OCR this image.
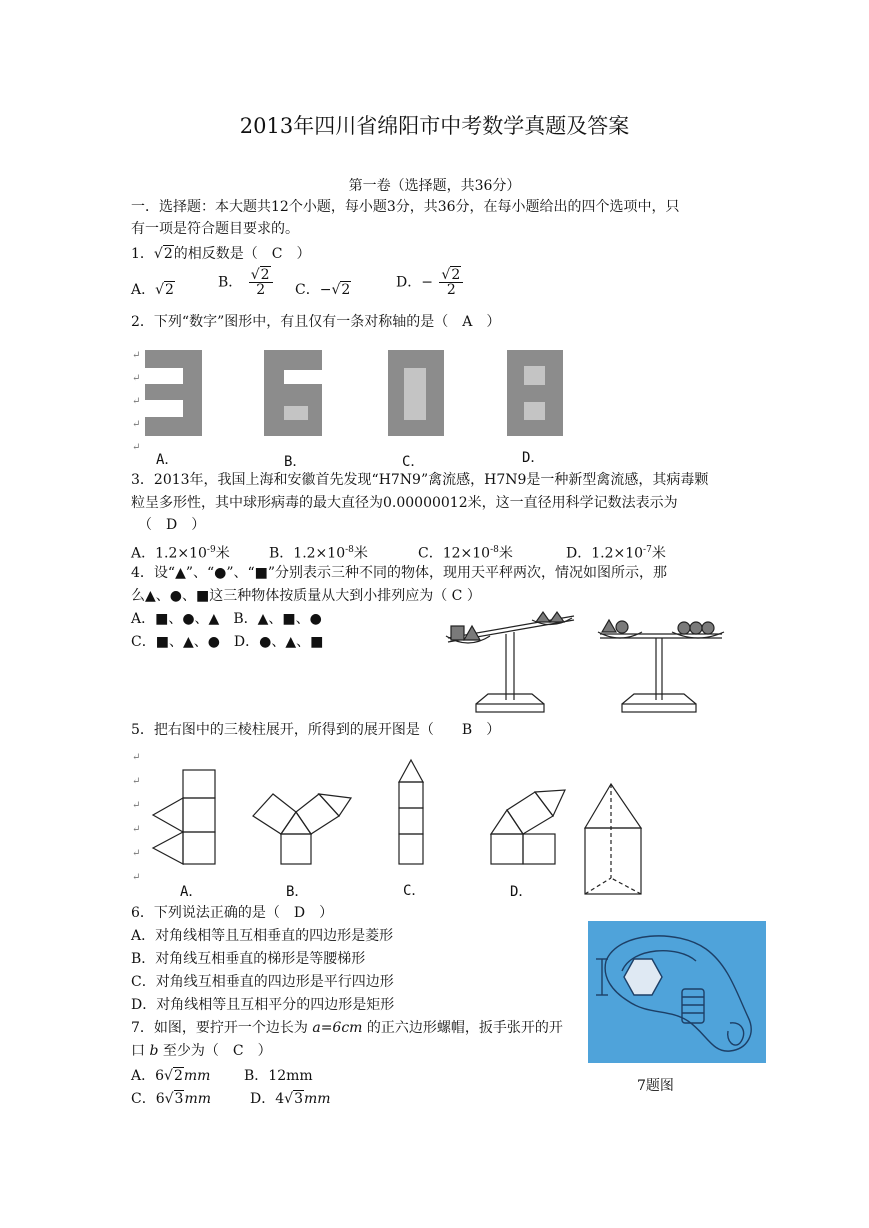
2013年四川省绵阳市中考数学真题及答案
第一卷（选择题，共36分）
一．选择题：本大题共12个小题，每小题3分，共36分，在每小题给出的四个选项中，只
有一项是符合题目要求的。
1．√2的相反数是（　C　）
A．√2	B． $\frac{√2}{2}$ C．−√2	D．− $\frac{√2}{2}$
2．下列“数字”图形中，有且仅有一条对称轴的是（　A　）
↵
↵
↵
↵
↵
A．	B．	C．	D．
3．2013年，我国上海和安徽首先发现“H7N9”禽流感，H7N9是一种新型禽流感，其病毒颗
粒呈多形性，其中球形病毒的最大直径为0.00000012米，这一直径用科学记数法表示为
（　D　）
A．$1.2\times 10^{-9}$米	B．$1.2\times 10^{-8}$米	C．$12\times 10^{-8}$米	D．$1.2\times 10^{-7}$米
4．设“▲”、“●”、“■”分别表示三种不同的物体，现用天平秤两次，情况如图所示，那
么▲、●、■这三种物体按质量从大到小排列应为（ C ）
A．■、●、▲　B．▲、■、●
C．■、▲、●　D．●、▲、■
5．把右图中的三棱柱展开，所得到的展开图是（　　B　）
↵
↵
↵
↵
↵
↵
A．	B．	C．	D．
6．下列说法正确的是（　D　）
A．对角线相等且互相垂直的四边形是菱形
B．对角线互相垂直的梯形是等腰梯形
C．对角线互相垂直的四边形是平行四边形
D．对角线相等且互相平分的四边形是矩形
7．如图，要拧开一个边长为 a=6cm 的正六边形螺帽，扳手张开的开
口 b 至少为（　C　）
A．6√2mm B．12mm
C．6√3mm	D．4√3mm
7题图
